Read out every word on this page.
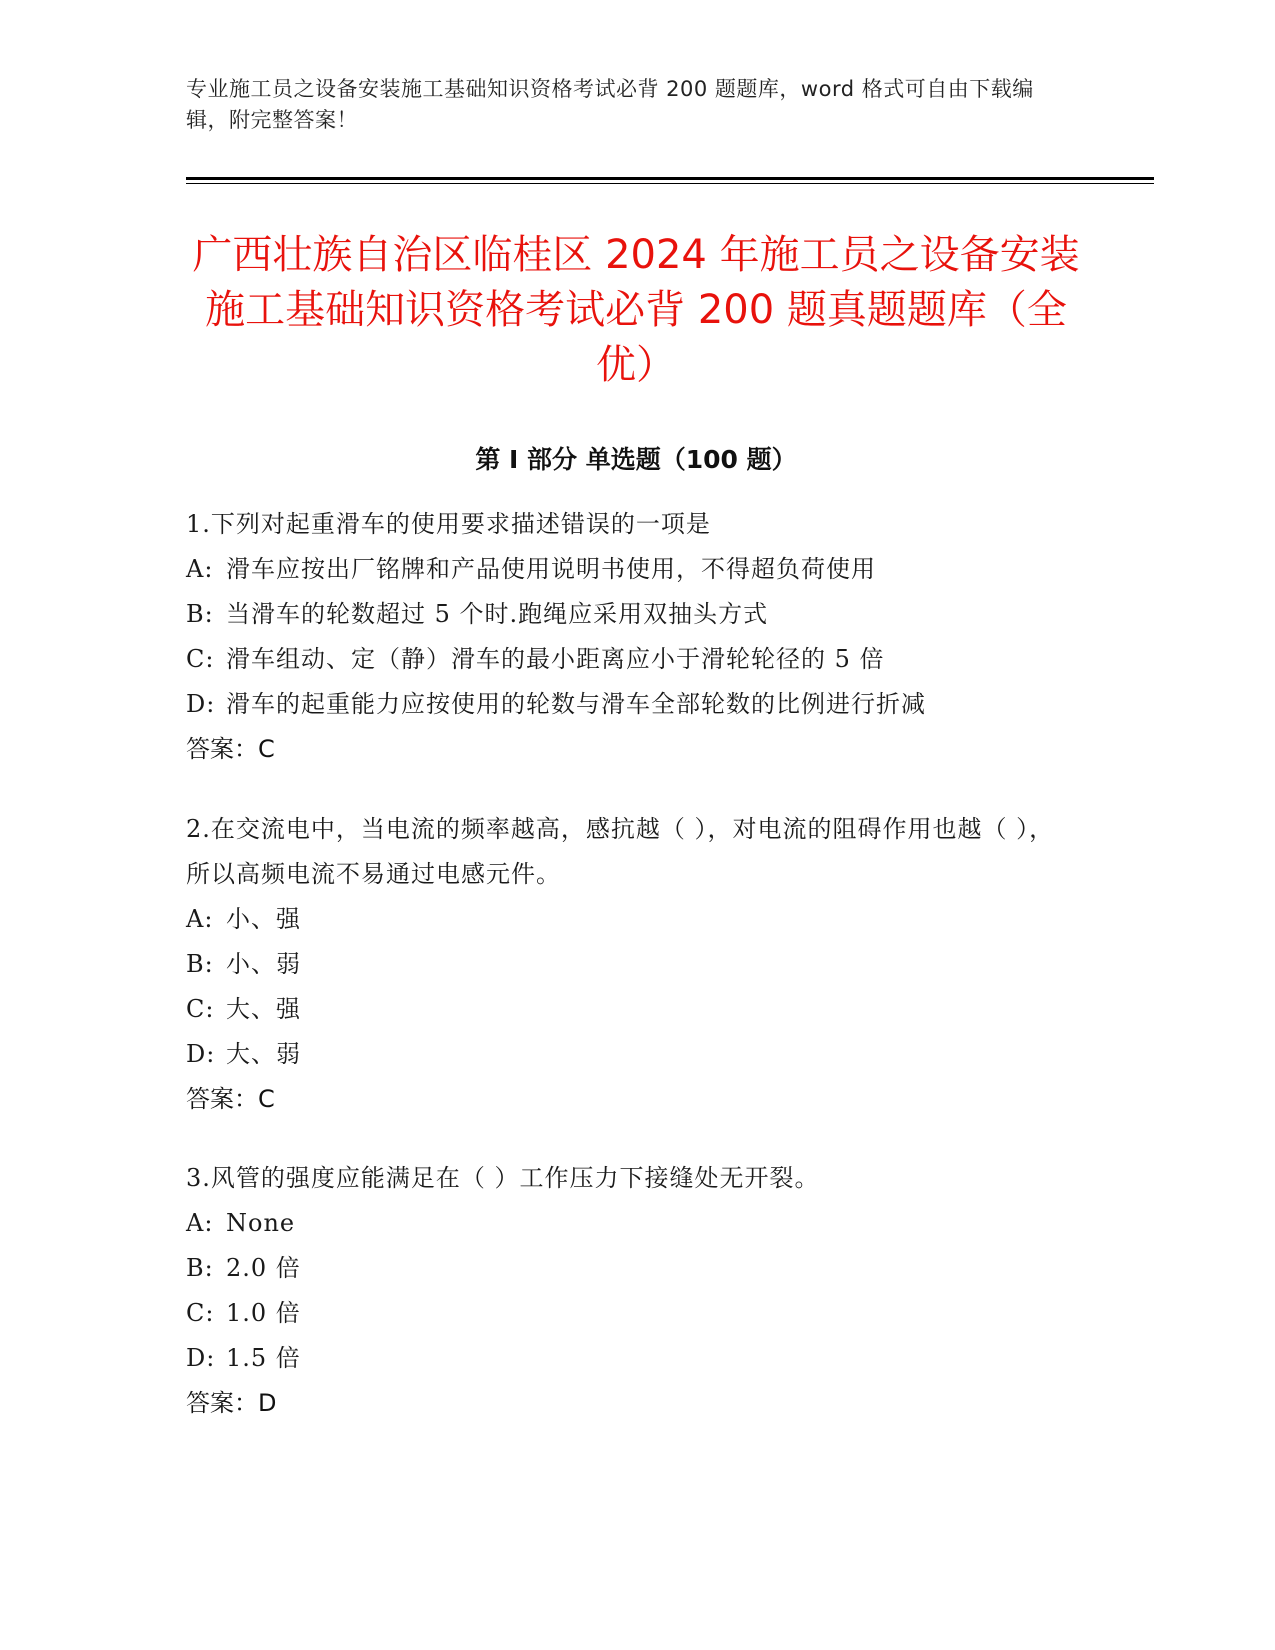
专业施工员之设备安装施工基础知识资格考试必背 200 题题库，word 格式可自由下载编辑，附完整答案！
广西壮族自治区临桂区 2024 年施工员之设备安装施工基础知识资格考试必背 200 题真题题库（全优）
第 I 部分 单选题（100 题）
1.下列对起重滑车的使用要求描述错误的一项是
A: 滑车应按出厂铭牌和产品使用说明书使用，不得超负荷使用
B: 当滑车的轮数超过 5 个时.跑绳应采用双抽头方式
C: 滑车组动、定（静）滑车的最小距离应小于滑轮轮径的 5 倍
D: 滑车的起重能力应按使用的轮数与滑车全部轮数的比例进行折减
答案：C
2.在交流电中，当电流的频率越高，感抗越（ ），对电流的阻碍作用也越（ ），所以高频电流不易通过电感元件。
A: 小、强
B: 小、弱
C: 大、强
D: 大、弱
答案：C
3.风管的强度应能满足在（ ）工作压力下接缝处无开裂。
A: None
B: 2.0 倍
C: 1.0 倍
D: 1.5 倍
答案：D
